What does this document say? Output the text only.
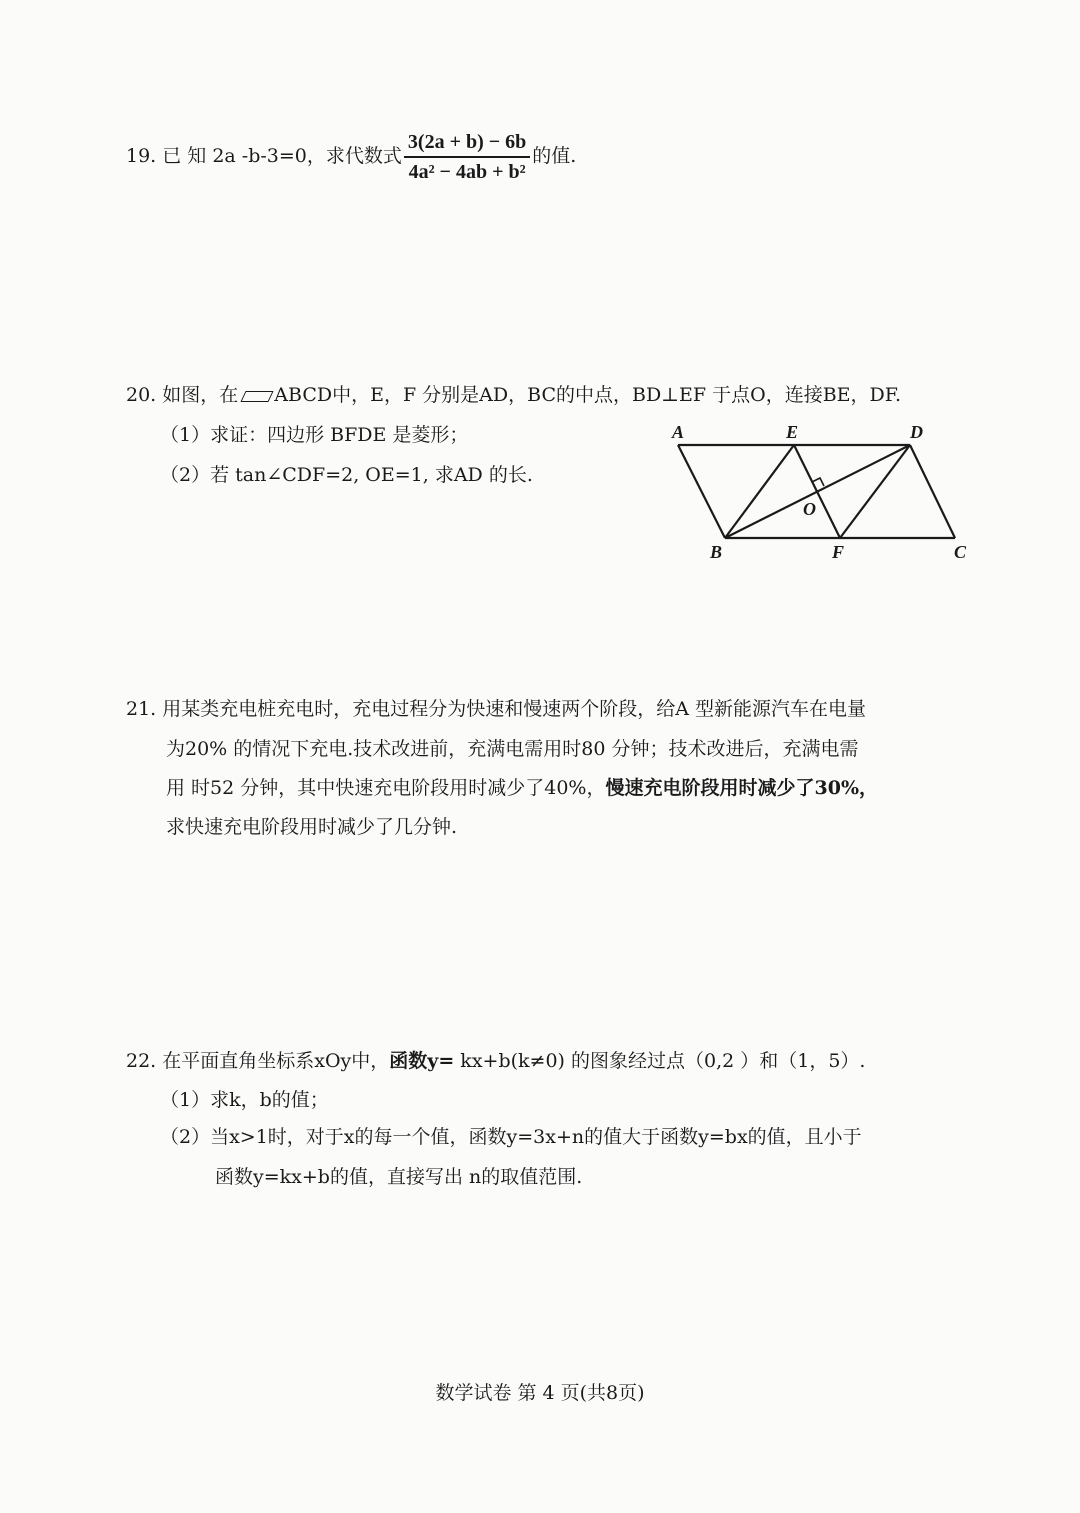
19. 已 知 2a -b-3=0，求代数式 $\frac{3(2a + b) - 6b}{\text{4a² − 4ab + b²}}$ 的值.
20. 如图，在 ABCD中，E，F 分别是AD，BC的中点，BD⊥EF 于点O，连接BE，DF.
（1）求证：四边形 BFDE 是菱形；
（2）若 tan∠CDF=2, OE=1, 求AD 的长.
A	E	D
O
B	F	C
21. 用某类充电桩充电时，充电过程分为快速和慢速两个阶段，给A 型新能源汽车在电量
为20% 的情况下充电.技术改进前，充满电需用时80 分钟；技术改进后，充满电需
用 时52 分钟，其中快速充电阶段用时减少了40%，慢速充电阶段用时减少了30%，
求快速充电阶段用时减少了几分钟.
22. 在平面直角坐标系xOy中，函数y= kx+b(k≠0) 的图象经过点（0,2 ）和（1，5）.
（1）求k，b的值；
（2）当x>1时，对于x的每一个值，函数y=3x+n的值大于函数y=bx的值，且小于
函数y=kx+b的值，直接写出 n的取值范围.
数学试卷 第 4 页(共8页)
